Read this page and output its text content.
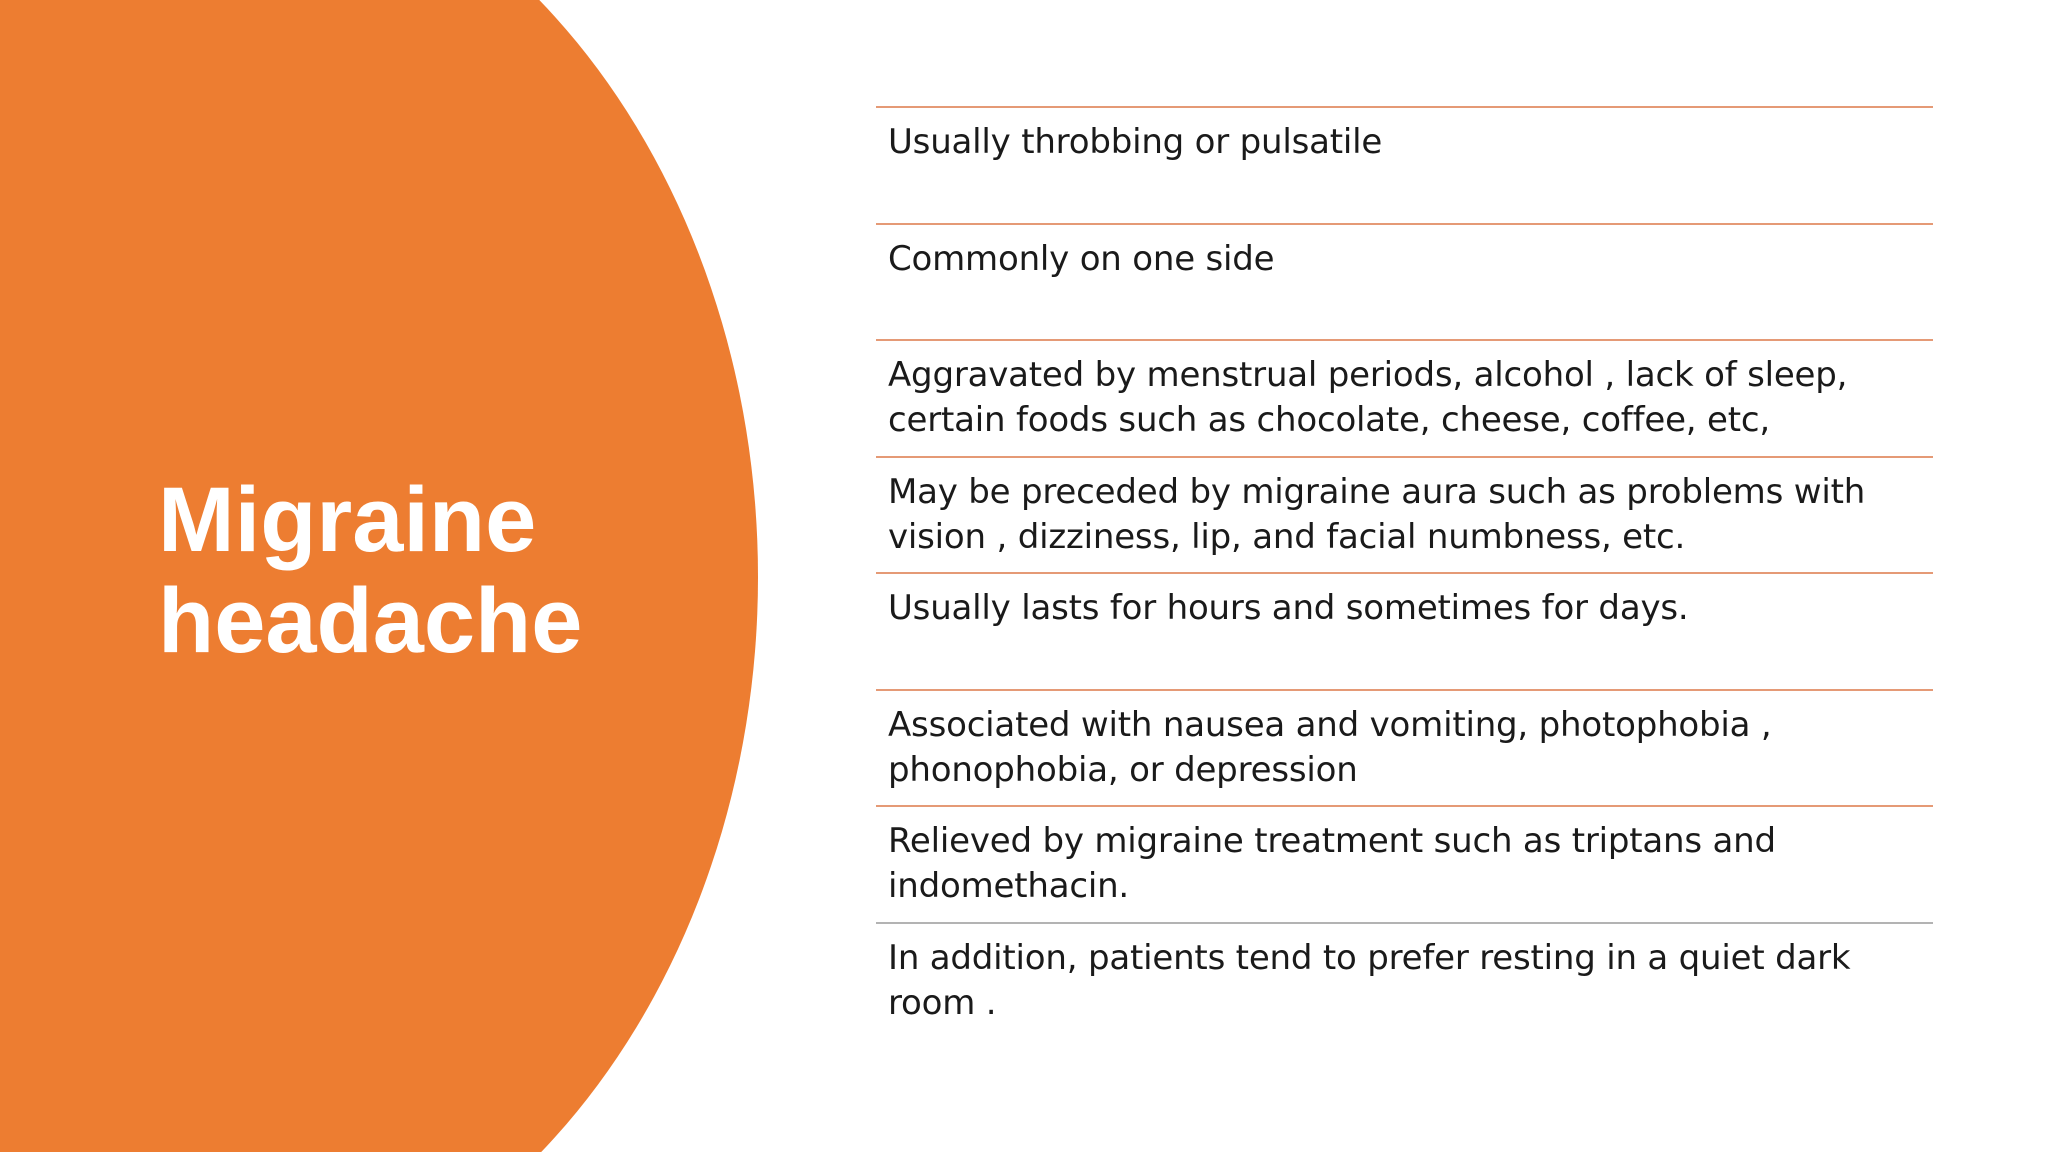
Migraine
headache
Usually throbbing or pulsatile
Commonly on one side
Aggravated by menstrual periods, alcohol , lack of sleep, certain foods such as chocolate, cheese, coffee, etc,
May be preceded by migraine aura such as problems with vision , dizziness, lip, and facial numbness, etc.
Usually lasts for hours and sometimes for days.
Associated with nausea and vomiting, photophobia , phonophobia, or depression
Relieved by migraine treatment such as triptans and indomethacin.
In addition, patients tend to prefer resting in a quiet dark room .
